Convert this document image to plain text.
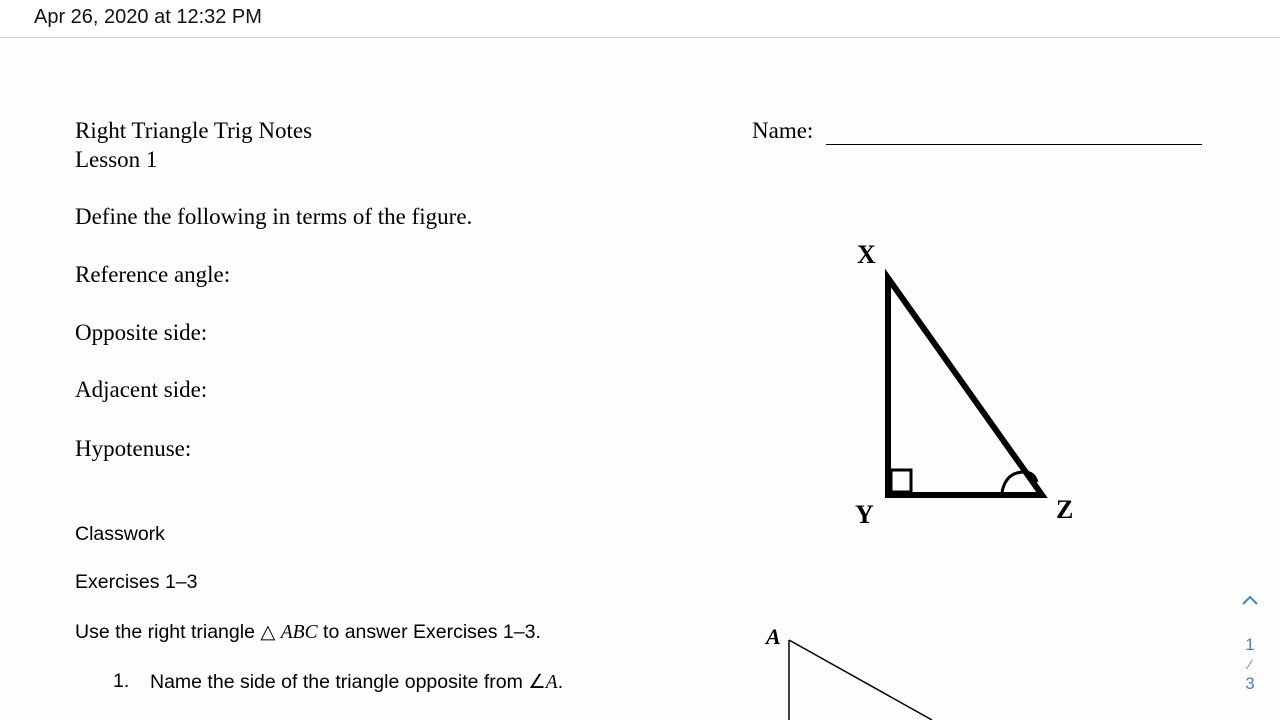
Apr 26, 2020 at 12:32 PM
Right Triangle Trig Notes
Lesson 1
Name:
Define the following in terms of the figure.
Reference angle:
Opposite side:
Adjacent side:
Hypotenuse:
X
Y	Z
Classwork
Exercises 1–3
Use the right triangle △ ABC to answer Exercises 1–3.
1. Name the side of the triangle opposite from ∠A.
A	1
⁄
3
